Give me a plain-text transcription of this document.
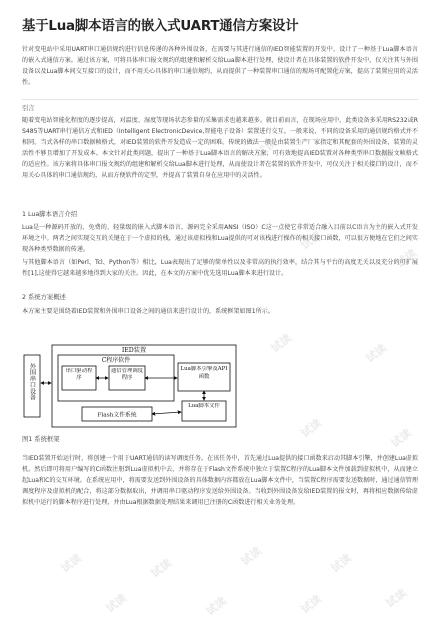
基于Lua脚本语言的嵌入式UART通信方案设计

针对变电站中采用UART串口通信规约进行信息传递的各种外围设备，在需要与其进行通信的IED智能装置的开发中，设计了一种基于Lua脚本语言的嵌入式通信方案。通过该方案，可将具体串口报文规约的组建和解析交给Lua脚本进行处理，使设计者在具体装置的软件开发中，仅关注其与外围设备以及Lua脚本间交互接口的设计，而不用关心具体的串口通信规约，从而提供了一种装置串口通信的现场可配置化方案，提高了装置应用的灵活性。

引言

随着变电站智能化程度的逐步提高，对温度、湿度等现场状态参量的采集需求也越来越多。就目前而言，在现场应用中，此类设备多采用RS232或RS485等UART串行通信方式和IED（Intelligent ElectronicDevice,智能电子设备）装置进行交互。一般来说，不同的设备采用的通信规约格式并不相同。当式各样的串口数据帧格式，对IED装置的软件开发造成一定的困难。传统的做法一般是由装置生产厂家指定和其配套的外围设备，装置的灵活性不够且增加了开发成本。本文针对此类问题，提出了一种基于Lua脚本语言的解决方案，可有效地提高IED装置对各种类型串口数据报文帧格式的适应性。该方案将具体串口报文规约的组建和解析交给Lua脚本进行处理，从而使设计者在装置的软件开发中，可仅关注于相关接口的设计，而不用关心具体的串口通信规约，从而方便软件的定型，并提高了装置自身在应用中的灵活性。

1 Lua脚本语言介绍

Lua是一种源码开放的、免费的、轻量级的嵌入式脚本语言，源码完全采用ANSI（ISO）C这一点使它非常适合融入目前以C语言为主的嵌入式开发环境之中。两者之间实现交互的关键在于一个虚拟的栈，通过该虚拟栈和Lua提供的可对该栈进行操作的相关接口函数，可以很方便地在它们之间实现各种类型数据的传递。

与其他脚本语言（如Perl、Tcl、Python等）相比，Lua表现出了足够的简单性以及非常高的执行效率，结合其与平台的高度无关以及充分的可扩展性[1],这使得它越来越多地得到大家的关注。因此，在本文的方案中优先选用Lua脚本来进行设计。

2 系统方案概述

本方案主要是围绕着IED装置和外围串口设备之间的通信来进行设计的，系统框架如图1所示。

外围串口设备
IED装置
C程序软件
串口驱动程序
通信管理调度程序
Lua脚本引擎及API函数
Lua脚本文件
Flash文件系统
图1 系统框架

当IED装置开始运行时，将创建一个用于UART通信的读写调度任务。在该任务中，首先通过Lua提供的接口函数来启动其脚本引擎，并创建Lua虚拟机。然后即可将用户编写的C函数注册到Lua虚拟机中去，并将存在于Flash文件系统中独立于装置C程序的Lua脚本文件加载到虚拟机中，从而建立起Lua和C的交互环境。在系统应用中，将需要发送到外围设备的具体数据内容都放在Lua脚本文件中，当装置C程序需要发送数据时，通过通信管理调度程序及虚拟机的配合，将这部分数据取出，并调用串口驱动程序发送给外围设备。当收到外围设备发给IED装置的报文时，再将相应数据传给虚拟机中运行的脚本程序进行处理，并由Lua根据数据处理结果来调用已注册的C函数进行相关业务处理。

试读
试读	试读
试读
试读
试读	试读
试读	试读
试读	试读
试读	试读
试读	试读	试读	试读
